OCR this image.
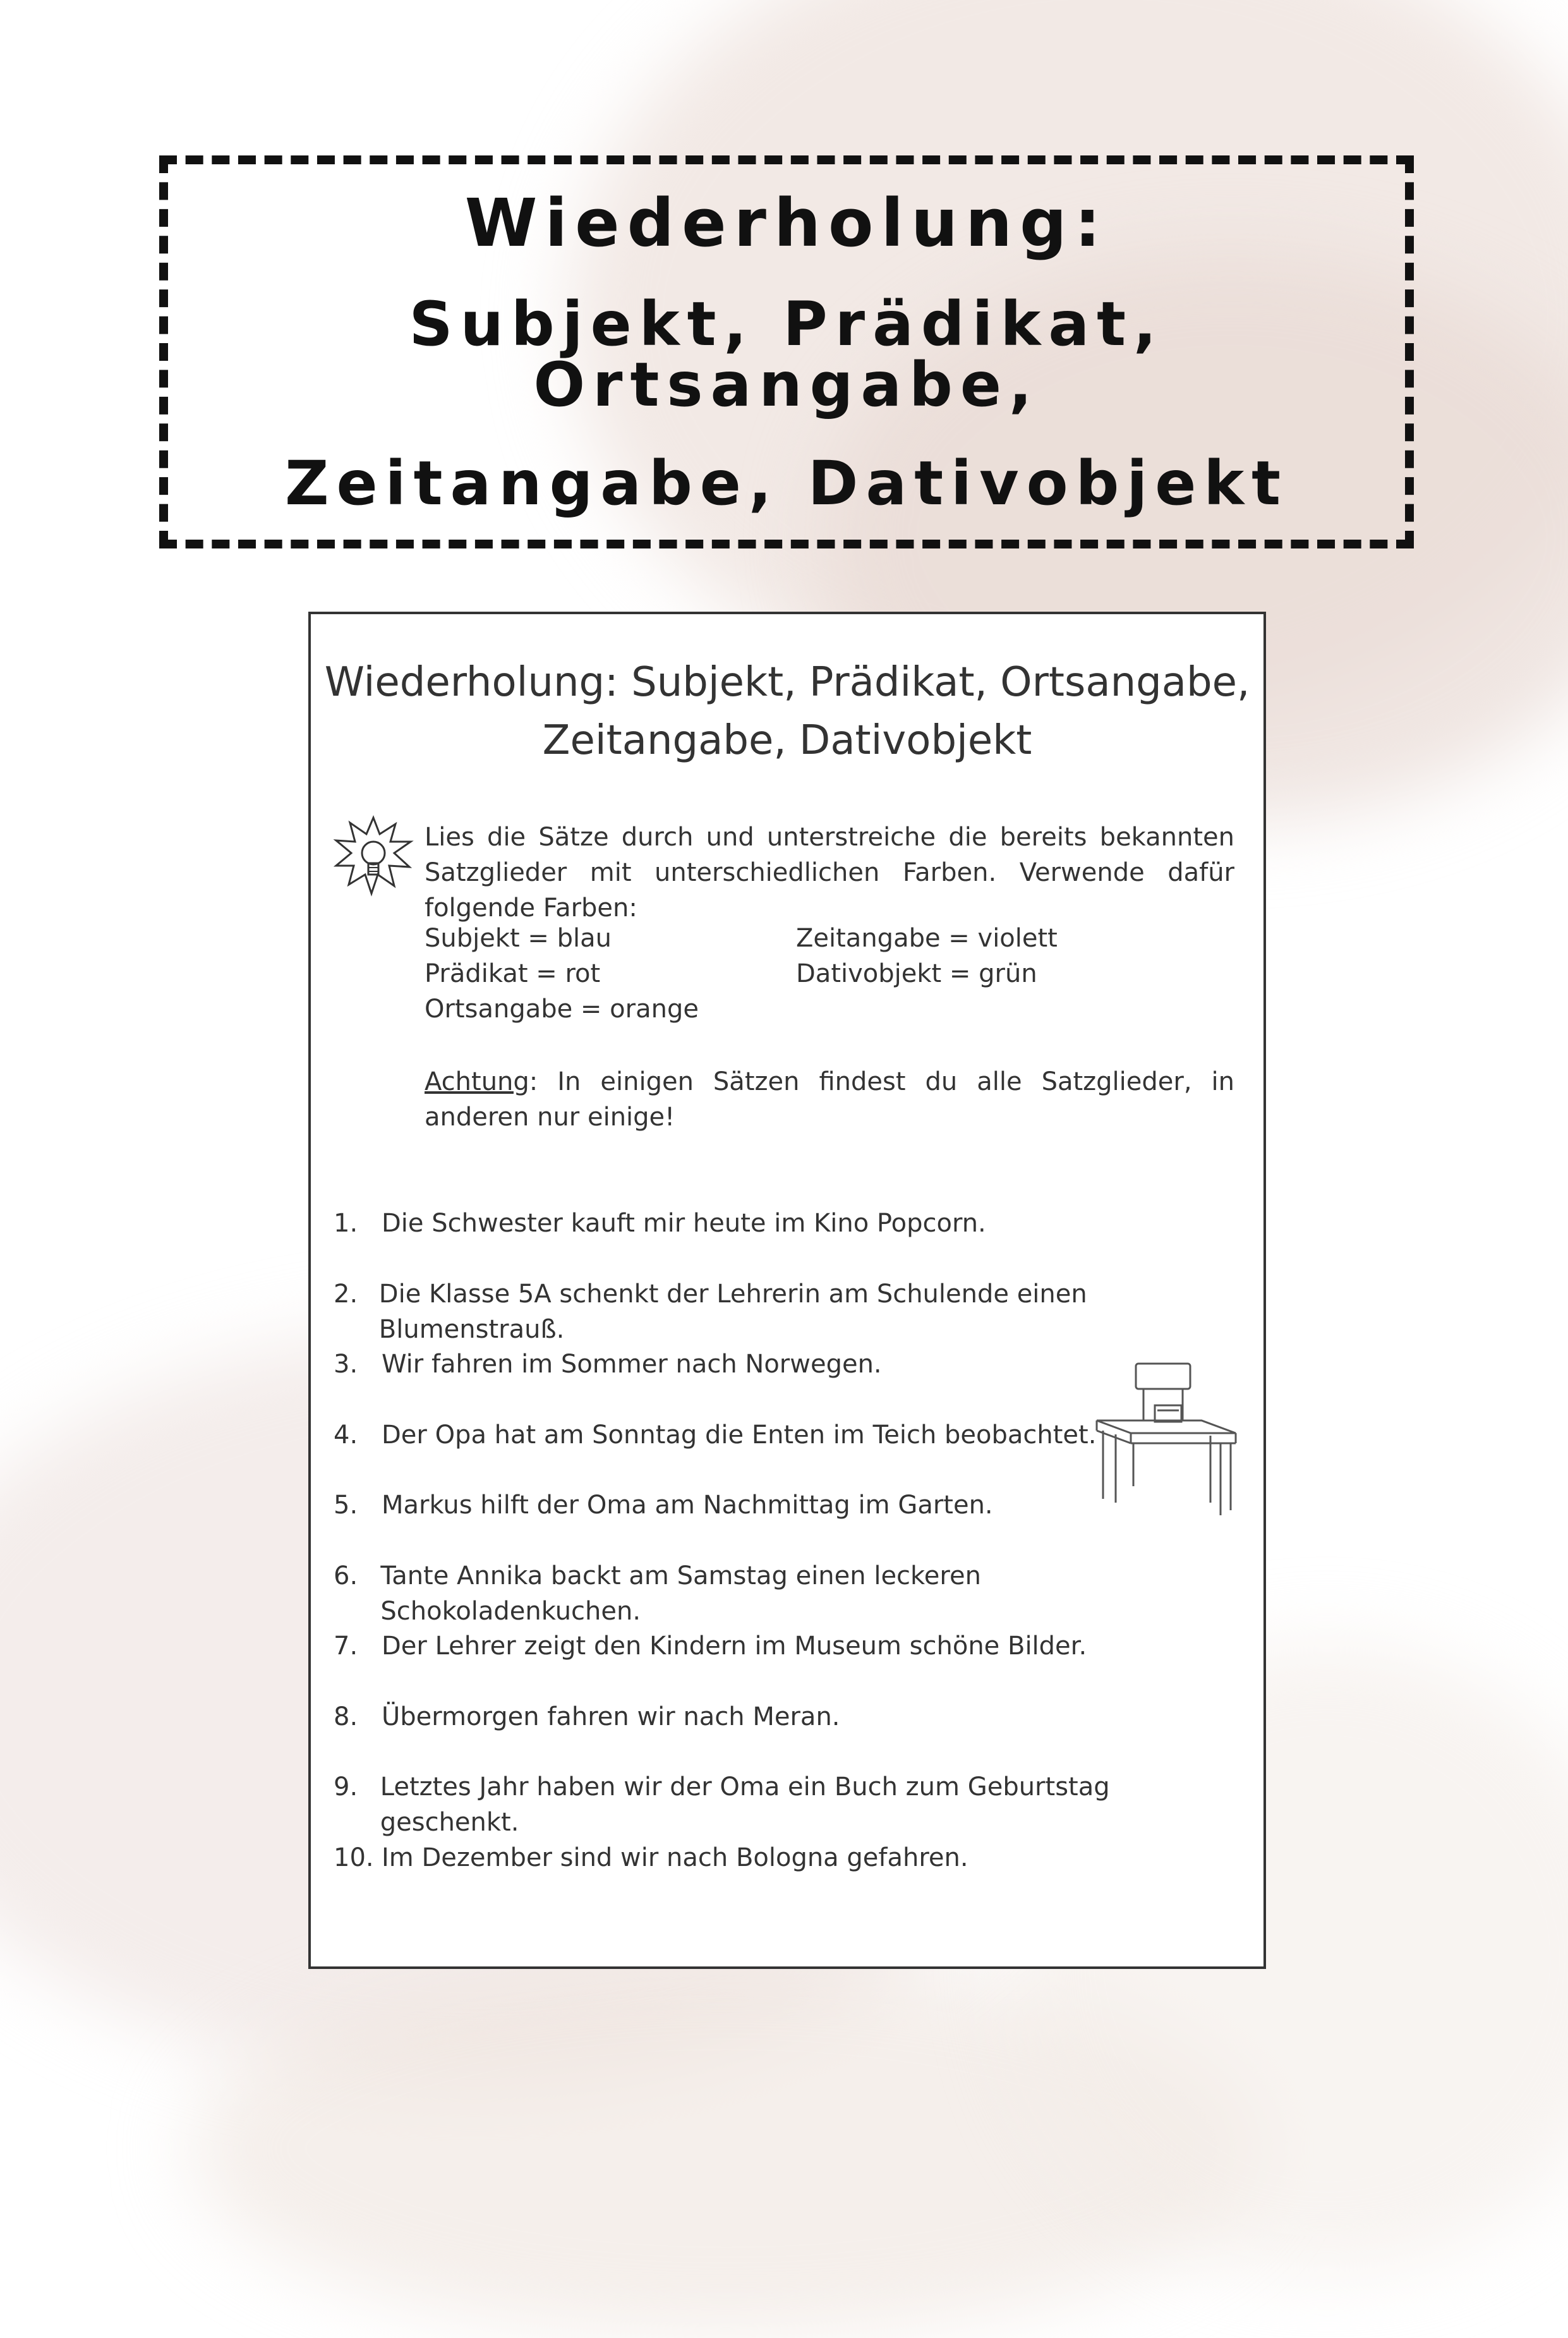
Wiederholung:
Subjekt, Prädikat, Ortsangabe,
Zeitangabe, Dativobjekt
Wiederholung: Subjekt, Prädikat, Ortsangabe,
Zeitangabe, Dativobjekt
Lies die Sätze durch und unterstreiche die bereits bekannten Satzglieder mit unterschiedlichen Farben. Verwende dafür folgende Farben:
Subjekt = blau	Zeitangabe = violett
Prädikat = rot	Dativobjekt = grün
Ortsangabe = orange
Achtung: In einigen Sätzen findest du alle Satzglieder, in anderen nur einige!
1. Die Schwester kauft mir heute im Kino Popcorn.
2. Die Klasse 5A schenkt der Lehrerin am Schulende einen Blumenstrauß.
3. Wir fahren im Sommer nach Norwegen.
4. Der Opa hat am Sonntag die Enten im Teich beobachtet.
5. Markus hilft der Oma am Nachmittag im Garten.
6. Tante Annika backt am Samstag einen leckeren Schokoladenkuchen.
7. Der Lehrer zeigt den Kindern im Museum schöne Bilder.
8. Übermorgen fahren wir nach Meran.
9. Letztes Jahr haben wir der Oma ein Buch zum Geburtstag geschenkt.
10. Im Dezember sind wir nach Bologna gefahren.
